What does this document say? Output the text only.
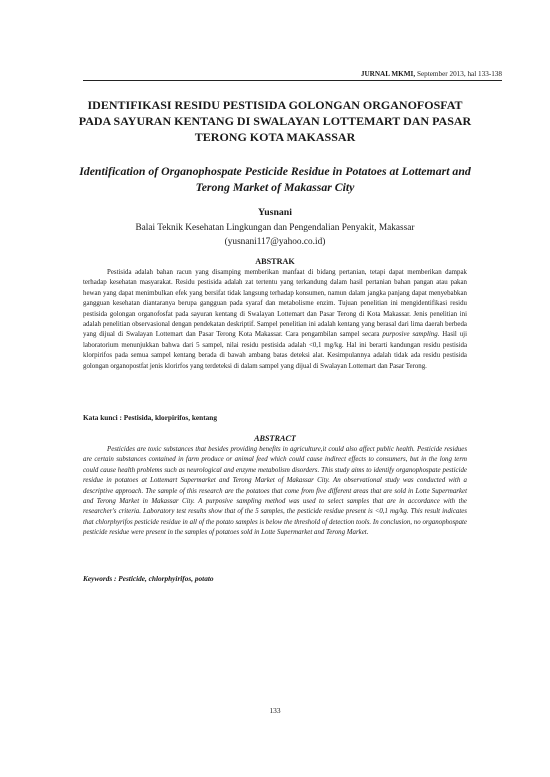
JURNAL MKMI, September 2013, hal 133-138
IDENTIFIKASI RESIDU PESTISIDA GOLONGAN ORGANOFOSFAT PADA SAYURAN KENTANG DI SWALAYAN LOTTEMART DAN PASAR TERONG KOTA MAKASSAR
Identification of Organophospate Pesticide Residue in Potatoes at Lottemart and Terong Market of Makassar City
Yusnani
Balai Teknik Kesehatan Lingkungan dan Pengendalian Penyakit, Makassar
(yusnani117@yahoo.co.id)
ABSTRAK

Pestisida adalah bahan racun yang disamping memberikan manfaat di bidang pertanian, tetapi dapat memberikan dampak terhadap kesehatan masyarakat. Residu pestisida adalah zat tertentu yang terkandung dalam hasil pertanian bahan pangan atau pakan hewan yang dapat menimbulkan efek yang bersifat tidak langsung terhadap konsumen, namun dalam jangka panjang dapat menyebabkan gangguan kesehatan diantaranya berupa gangguan pada syaraf dan metabolisme enzim. Tujuan penelitian ini mengidentifikasi residu pestisida golongan organofosfat pada sayuran kentang di Swalayan Lottemart dan Pasar Terong di Kota Makassar. Jenis penelitian ini adalah penelitian observasional dengan pendekatan deskriptif. Sampel penelitian ini adalah kentang yang berasal dari lima daerah berbeda yang dijual di Swalayan Lottemart dan Pasar Terong Kota Makassar. Cara pengambilan sampel secara purposive sampling. Hasil uji laboratorium menunjukkan bahwa dari 5 sampel, nilai residu pestisida adalah <0,1 mg/kg. Hal ini berarti kandungan residu pestisida klorpirifos pada semua sampel kentang berada di bawah ambang batas deteksi alat. Kesimpulannya adalah tidak ada residu pestisida golongan organopostfat jenis klorirfos yang terdeteksi di dalam sampel yang dijual di Swalayan Lottemart dan Pasar Terong.

Kata kunci : Pestisida, klorpirifos, kentang

ABSTRACT

Pesticides are toxic substances that besides providing benefits in agriculture,it could also affect public health. Pesticide residues are certain substances contained in farm produce or animal feed which could cause indirect effects to consumers, but in the long term could cause health problems such as neurological and enzyme metabolism disorders. This study aims to identify organophospate pesticide residue in potatoes at Lottemart Supermarket and Terong Market of Makassar City. An observational study was conducted with a descriptive approach. The sample of this research are the potatoes that come from five different areas that are sold in Lotte Supermarket and Terong Market in Makassar City. A purposive sampling method was used to select samples that are in accordance with the researcher's criteria. Laboratory test results show that of the 5 samples, the pesticide residue present is <0,1 mg/kg. This result indicates that chlorphyrifos pesticide residue in all of the potato samples is below the threshold of detection tools. In conclusion, no organophospate pesticide residue were present in the samples of potatoes sold in Lotte Supermarket and Terong Market.

Keywords : Pesticide, chlorphyirifos, potato

133
